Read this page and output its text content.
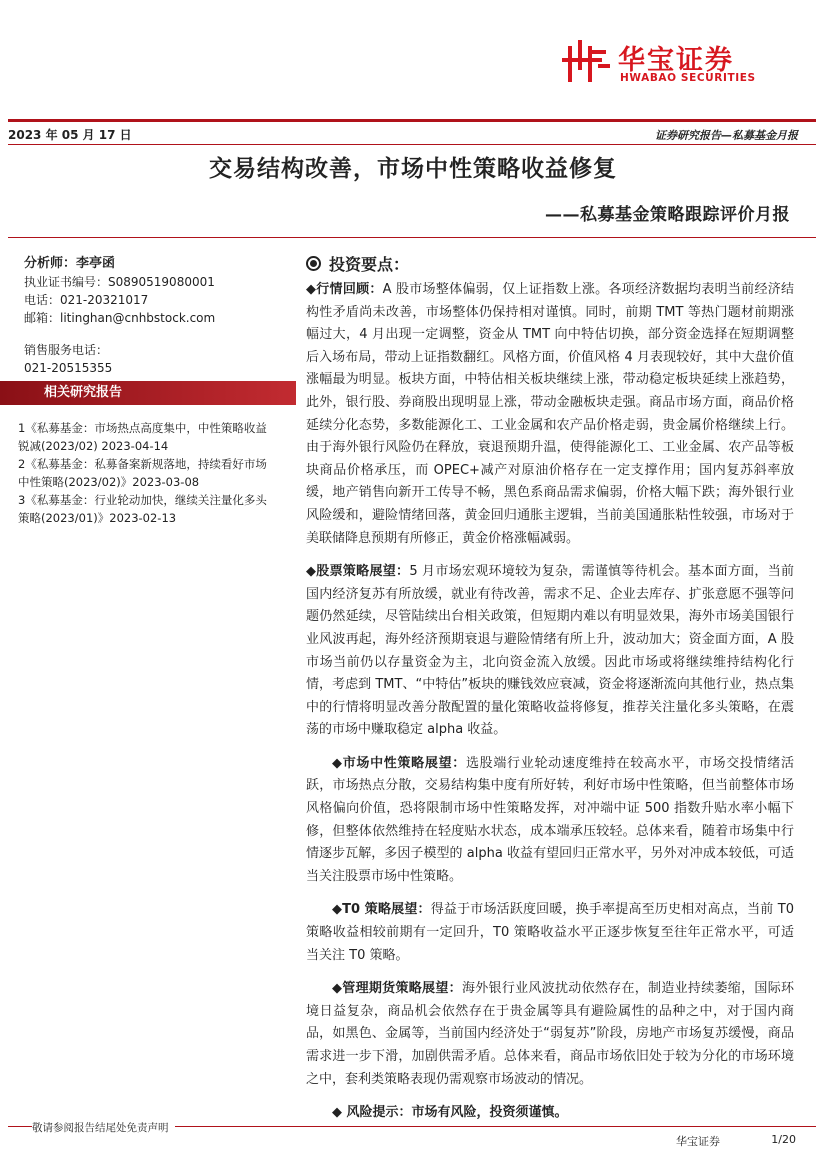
华宝证券
HWABAO SECURITIES
2023 年 05 月 17 日	证券研究报告—私募基金月报
交易结构改善，市场中性策略收益修复
——私募基金策略跟踪评价月报
分析师：李亭函
执业证书编号：S0890519080001
电话：021-20321017
邮箱：litinghan@cnhbstock.com
销售服务电话：
021-20515355
相关研究报告
1《私募基金：市场热点高度集中，中性策略收益锐减(2023/02) 2023-04-14
2《私募基金：私募备案新规落地，持续看好市场中性策略(2023/02)》2023-03-08
3《私募基金：行业轮动加快，继续关注量化多头策略(2023/01)》2023-02-13
投资要点：

◆行情回顾：A 股市场整体偏弱，仅上证指数上涨。各项经济数据均表明当前经济结构性矛盾尚未改善，市场整体仍保持相对谨慎。同时，前期 TMT 等热门题材前期涨幅过大，4 月出现一定调整，资金从 TMT 向中特估切换，部分资金选择在短期调整后入场布局，带动上证指数翻红。风格方面，价值风格 4 月表现较好，其中大盘价值涨幅最为明显。板块方面，中特估相关板块继续上涨，带动稳定板块延续上涨趋势，此外，银行股、券商股出现明显上涨，带动金融板块走强。商品市场方面，商品价格延续分化态势，多数能源化工、工业金属和农产品价格走弱，贵金属价格继续上行。由于海外银行风险仍在释放，衰退预期升温，使得能源化工、工业金属、农产品等板块商品价格承压，而 OPEC+减产对原油价格存在一定支撑作用；国内复苏斜率放缓，地产销售向新开工传导不畅，黑色系商品需求偏弱，价格大幅下跌；海外银行业风险缓和，避险情绪回落，黄金回归通胀主逻辑，当前美国通胀粘性较强，市场对于美联储降息预期有所修正，黄金价格涨幅减弱。

◆股票策略展望：5 月市场宏观环境较为复杂，需谨慎等待机会。基本面方面，当前国内经济复苏有所放缓，就业有待改善，需求不足、企业去库存、扩张意愿不强等问题仍然延续，尽管陆续出台相关政策，但短期内难以有明显效果，海外市场美国银行业风波再起，海外经济预期衰退与避险情绪有所上升，波动加大；资金面方面，A 股市场当前仍以存量资金为主，北向资金流入放缓。因此市场或将继续维持结构化行情，考虑到 TMT、“中特估”板块的赚钱效应衰减，资金将逐渐流向其他行业，热点集中的行情将明显改善分散配置的量化策略收益将修复，推荐关注量化多头策略，在震荡的市场中赚取稳定 alpha 收益。

◆市场中性策略展望：选股端行业轮动速度维持在较高水平，市场交投情绪活跃，市场热点分散，交易结构集中度有所好转，利好市场中性策略，但当前整体市场风格偏向价值，恐将限制市场中性策略发挥，对冲端中证 500 指数升贴水率小幅下修，但整体依然维持在轻度贴水状态，成本端承压较轻。总体来看，随着市场集中行情逐步瓦解，多因子模型的 alpha 收益有望回归正常水平，另外对冲成本较低，可适当关注股票市场中性策略。

◆T0 策略展望：得益于市场活跃度回暖，换手率提高至历史相对高点，当前 T0 策略收益相较前期有一定回升，T0 策略收益水平正逐步恢复至往年正常水平，可适当关注 T0 策略。

◆管理期货策略展望：海外银行业风波扰动依然存在，制造业持续萎缩，国际环境日益复杂，商品机会依然存在于贵金属等具有避险属性的品种之中，对于国内商品，如黑色、金属等，当前国内经济处于“弱复苏”阶段，房地产市场复苏缓慢，商品需求进一步下滑，加剧供需矛盾。总体来看，商品市场依旧处于较为分化的市场环境之中，套利类策略表现仍需观察市场波动的情况。

◆ 风险提示：市场有风险，投资须谨慎。

敬请参阅报告结尾处免责声明
华宝证券	1/20
